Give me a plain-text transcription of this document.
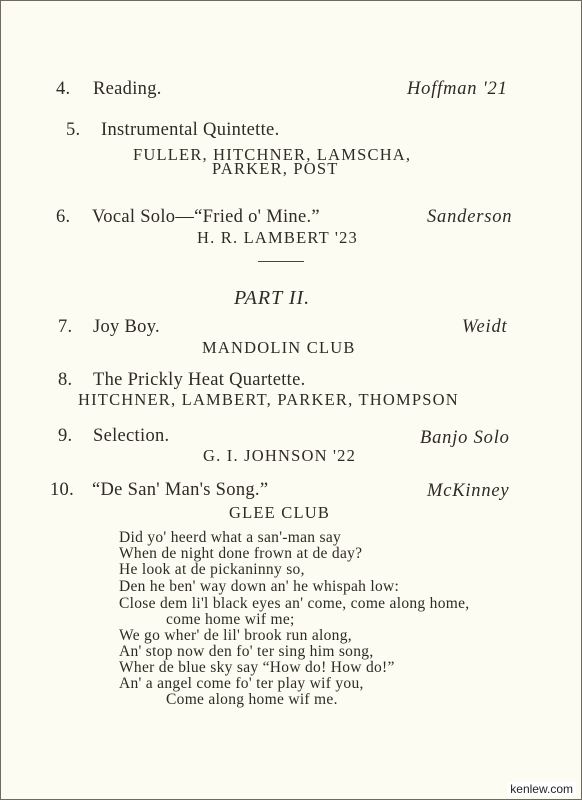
4. Reading.	Hoffman '21
5. Instrumental Quintette.
FULLER, HITCHNER, LAMSCHA,
PARKER, POST
6. Vocal Solo—“Fried o' Mine.”	Sanderson
H. R. LAMBERT '23
PART II.
7. Joy Boy.	Weidt
MANDOLIN CLUB
8. The Prickly Heat Quartette.
HITCHNER, LAMBERT, PARKER, THOMPSON
9. Selection.	Banjo Solo
G. I. JOHNSON '22
10. “De San' Man's Song.”	McKinney
GLEE CLUB
Did yo' heerd what a san'-man say
When de night done frown at de day?
He look at de pickaninny so,
Den he ben' way down an' he whispah low:
Close dem li'l black eyes an' come, come along home,
come home wif me;
We go wher' de lil' brook run along,
An' stop now den fo' ter sing him song,
Wher de blue sky say “How do! How do!”
An' a angel come fo' ter play wif you,
Come along home wif me.
kenlew.com
